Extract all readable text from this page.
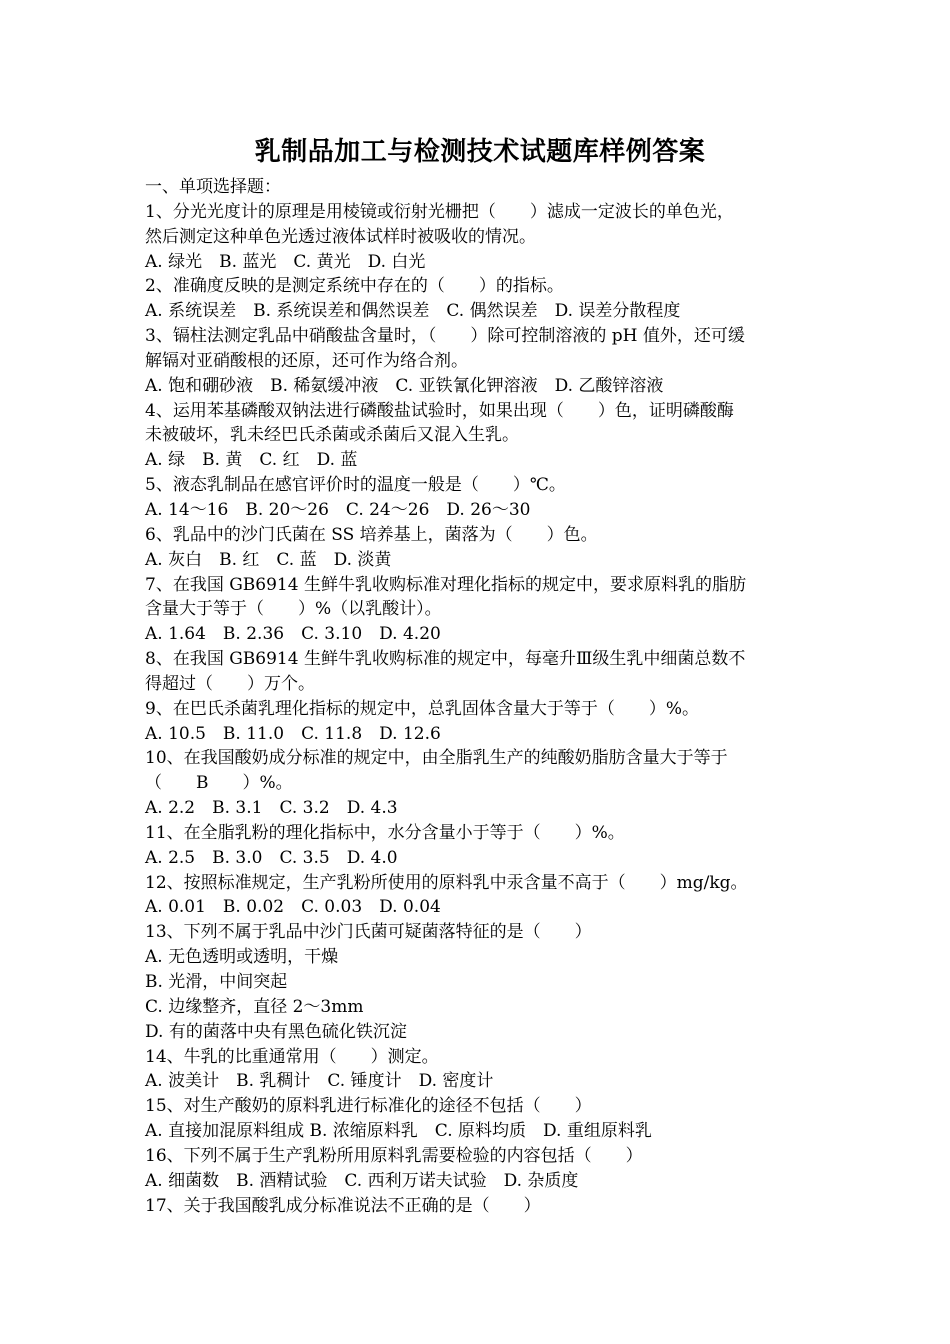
乳制品加工与检测技术试题库样例答案
一、单项选择题：
1、分光光度计的原理是用棱镜或衍射光栅把（　　）滤成一定波长的单色光，
然后测定这种单色光透过液体试样时被吸收的情况。
A. 绿光　B. 蓝光　C. 黄光　D. 白光
2、准确度反映的是测定系统中存在的（　　）的指标。
A. 系统误差　B. 系统误差和偶然误差　C. 偶然误差　D. 误差分散程度
3、镉柱法测定乳品中硝酸盐含量时，（　　）除可控制溶液的 pH 值外，还可缓
解镉对亚硝酸根的还原，还可作为络合剂。
A. 饱和硼砂液　B. 稀氨缓冲液　C. 亚铁氰化钾溶液　D. 乙酸锌溶液
4、运用苯基磷酸双钠法进行磷酸盐试验时，如果出现（　　）色，证明磷酸酶
未被破坏，乳未经巴氏杀菌或杀菌后又混入生乳。
A. 绿　B. 黄　C. 红　D. 蓝
5、液态乳制品在感官评价时的温度一般是（　　）℃。
A. 14～16　B. 20～26　C. 24～26　D. 26～30
6、乳品中的沙门氏菌在 SS 培养基上，菌落为（　　）色。
A. 灰白　B. 红　C. 蓝　D. 淡黄
7、在我国 GB6914 生鲜牛乳收购标准对理化指标的规定中，要求原料乳的脂肪
含量大于等于（　　）%（以乳酸计）。
A. 1.64　B. 2.36　C. 3.10　D. 4.20
8、在我国 GB6914 生鲜牛乳收购标准的规定中，每毫升Ⅲ级生乳中细菌总数不
得超过（　　）万个。
9、在巴氏杀菌乳理化指标的规定中，总乳固体含量大于等于（　　）%。
A. 10.5　B. 11.0　C. 11.8　D. 12.6
10、在我国酸奶成分标准的规定中，由全脂乳生产的纯酸奶脂肪含量大于等于
（　　B　　）%。
A. 2.2　B. 3.1　C. 3.2　D. 4.3
11、在全脂乳粉的理化指标中，水分含量小于等于（　　）%。
A. 2.5　B. 3.0　C. 3.5　D. 4.0
12、按照标准规定，生产乳粉所使用的原料乳中汞含量不高于（　　）mg/kg。
A. 0.01　B. 0.02　C. 0.03　D. 0.04
13、下列不属于乳品中沙门氏菌可疑菌落特征的是（　　）
A. 无色透明或透明，干燥
B. 光滑，中间突起
C. 边缘整齐，直径 2～3mm
D. 有的菌落中央有黑色硫化铁沉淀
14、牛乳的比重通常用（　　）测定。
A. 波美计　B. 乳稠计　C. 锤度计　D. 密度计
15、对生产酸奶的原料乳进行标准化的途径不包括（　　）
A. 直接加混原料组成 B. 浓缩原料乳　C. 原料均质　D. 重组原料乳
16、下列不属于生产乳粉所用原料乳需要检验的内容包括（　　）
A. 细菌数　B. 酒精试验　C. 西利万诺夫试验　D. 杂质度
17、关于我国酸乳成分标准说法不正确的是（　　）
